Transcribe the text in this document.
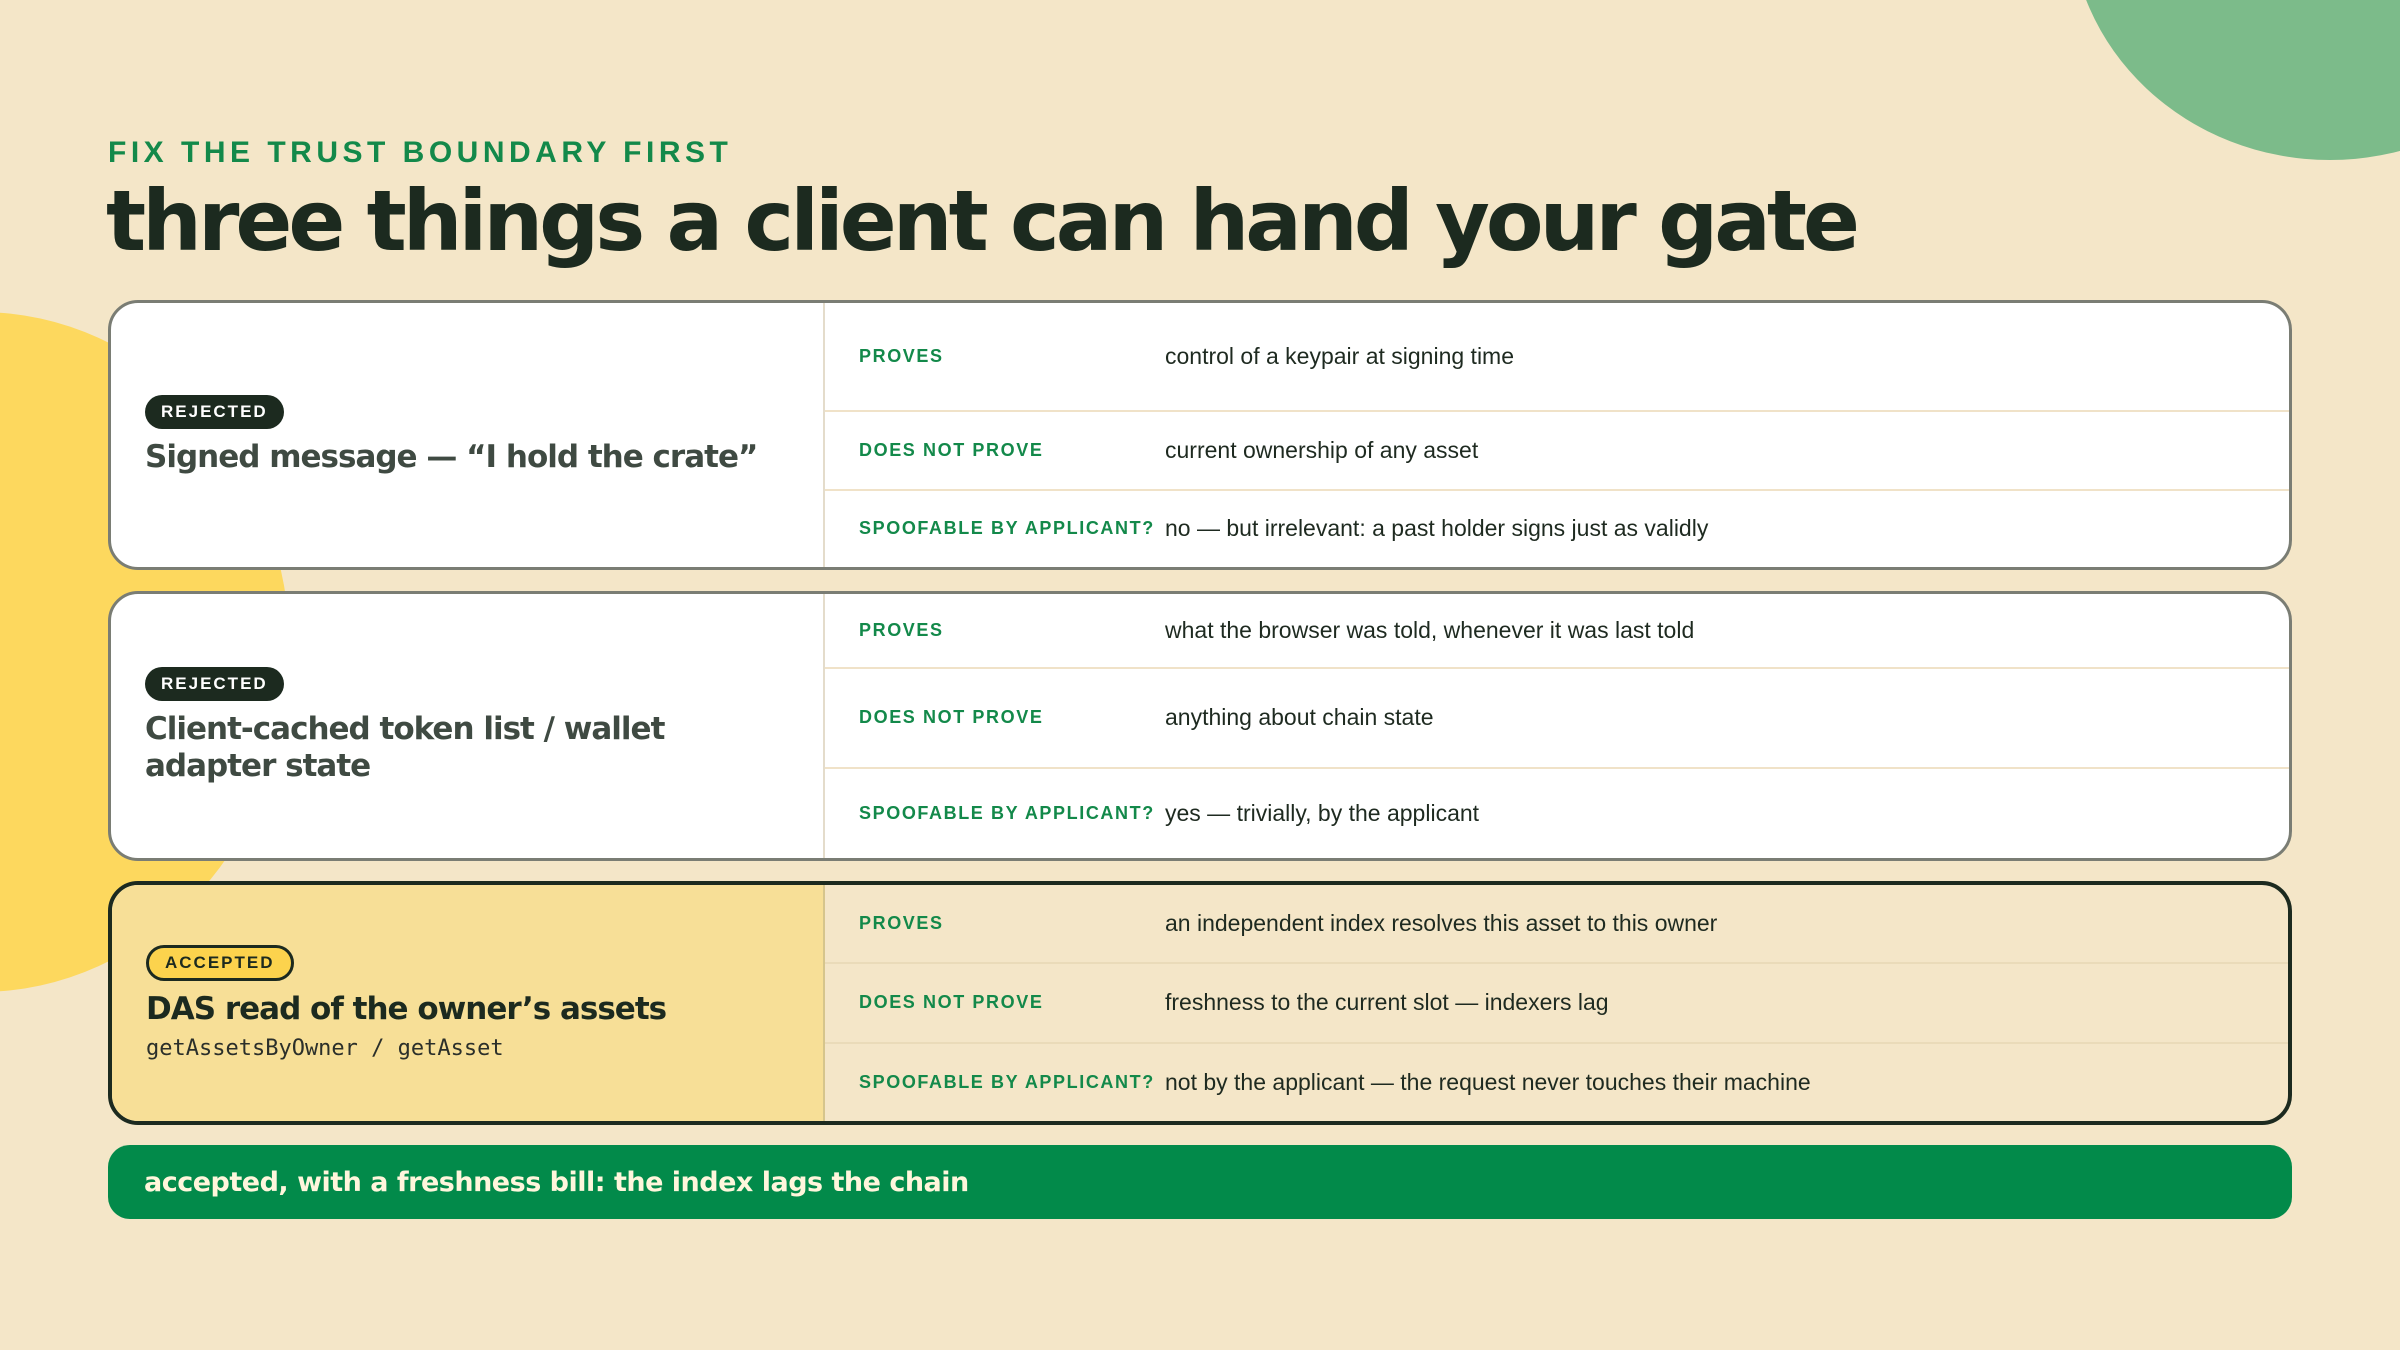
FIX THE TRUST BOUNDARY FIRST

three things a client can hand your gate
REJECTED
Signed message — “I hold the crate”
PROVES	control of a keypair at signing time
DOES NOT PROVE	current ownership of any asset
SPOOFABLE BY APPLICANT? no — but irrelevant: a past holder signs just as validly
REJECTED
Client-cached token list / wallet adapter state
PROVES	what the browser was told, whenever it was last told
DOES NOT PROVE	anything about chain state
SPOOFABLE BY APPLICANT? yes — trivially, by the applicant
ACCEPTED
DAS read of the owner’s assets
getAssetsByOwner / getAsset
PROVES	an independent index resolves this asset to this owner
DOES NOT PROVE	freshness to the current slot — indexers lag
SPOOFABLE BY APPLICANT? not by the applicant — the request never touches their machine
accepted, with a freshness bill: the index lags the chain
